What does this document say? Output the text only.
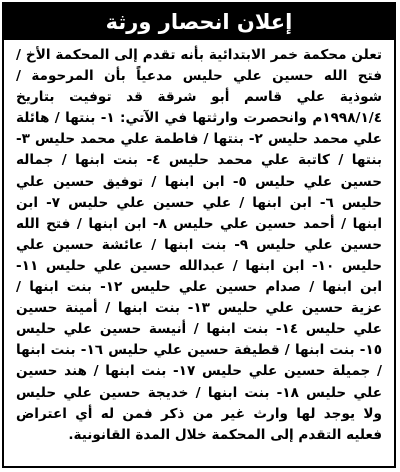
إعلان انحصار ورثة
تعلن محكمة خمر الابتدائية بأنه تقدم إلى المحكمة الأخ / فتح الله حسين علي حليس مدعياً بأن المرحومة / شوذية علي قاسم أبو شرقة قد توفيت بتاريخ ١٩٩٨/١/٤م وانحصرت وارثتها في الآتي: ١- بنتها / هائلة علي محمد حليس ٢- بنتها / فاطمة علي محمد حليس ٣- بنتها / كاتبة علي محمد حليس ٤- بنت ابنها / جماله حسين علي حليس ٥- ابن ابنها / توفيق حسين علي حليس ٦- ابن ابنها / علي حسين علي حليس ٧- ابن ابنها / أحمد حسين علي حليس ٨- ابن ابنها / فتح الله حسين علي حليس ٩- بنت ابنها / عائشة حسين علي حليس ١٠- ابن ابنها / عبدالله حسين علي حليس ١١- ابن ابنها / صدام حسين علي حليس ١٢- بنت ابنها / عزية حسين علي حليس ١٣- بنت ابنها / أمينة حسين علي حليس ١٤- بنت ابنها / أنيسة حسين علي حليس ١٥- بنت ابنها / قطيفة حسين علي حليس ١٦- بنت ابنها / جميلة حسين علي حليس ١٧- بنت ابنها / هند حسين علي حليس ١٨- بنت ابنها / خديجة حسين علي حليس ولا يوجد لها وارث غير من ذكر فمن له أي اعتراض فعليه التقدم إلى المحكمة خلال المدة القانونية.
